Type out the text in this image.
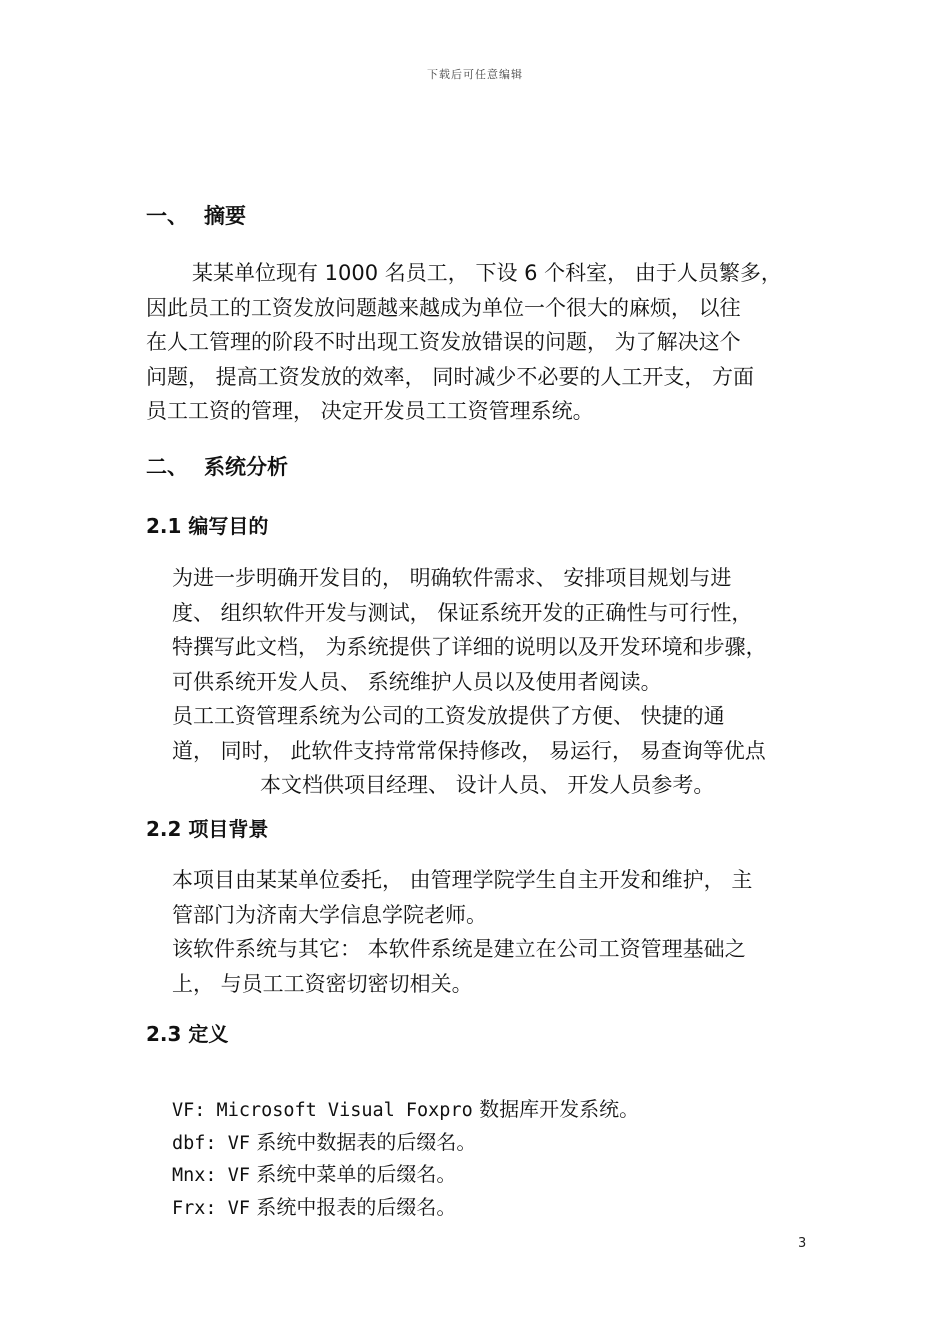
下载后可任意编辑
一、 摘要
某某单位现有 1000 名员工， 下设 6 个科室， 由于人员繁多，
因此员工的工资发放问题越来越成为单位一个很大的麻烦， 以往
在人工管理的阶段不时出现工资发放错误的问题， 为了解决这个
问题， 提高工资发放的效率， 同时减少不必要的人工开支， 方面
员工工资的管理， 决定开发员工工资管理系统。
二、 系统分析
2.1 编写目的
为进一步明确开发目的， 明确软件需求、 安排项目规划与进
度、 组织软件开发与测试， 保证系统开发的正确性与可行性，
特撰写此文档， 为系统提供了详细的说明以及开发环境和步骤，
可供系统开发人员、 系统维护人员以及使用者阅读。
员工工资管理系统为公司的工资发放提供了方便、 快捷的通
道， 同时， 此软件支持常常保持修改， 易运行， 易查询等优点
本文档供项目经理、 设计人员、 开发人员参考。
2.2 项目背景
本项目由某某单位委托， 由管理学院学生自主开发和维护， 主
管部门为济南大学信息学院老师。
该软件系统与其它： 本软件系统是建立在公司工资管理基础之
上， 与员工工资密切密切相关。
2.3 定义
VF: Microsoft Visual Foxpro 数据库开发系统。
dbf: VF 系统中数据表的后缀名。
Mnx: VF 系统中菜单的后缀名。
Frx: VF 系统中报表的后缀名。
3
